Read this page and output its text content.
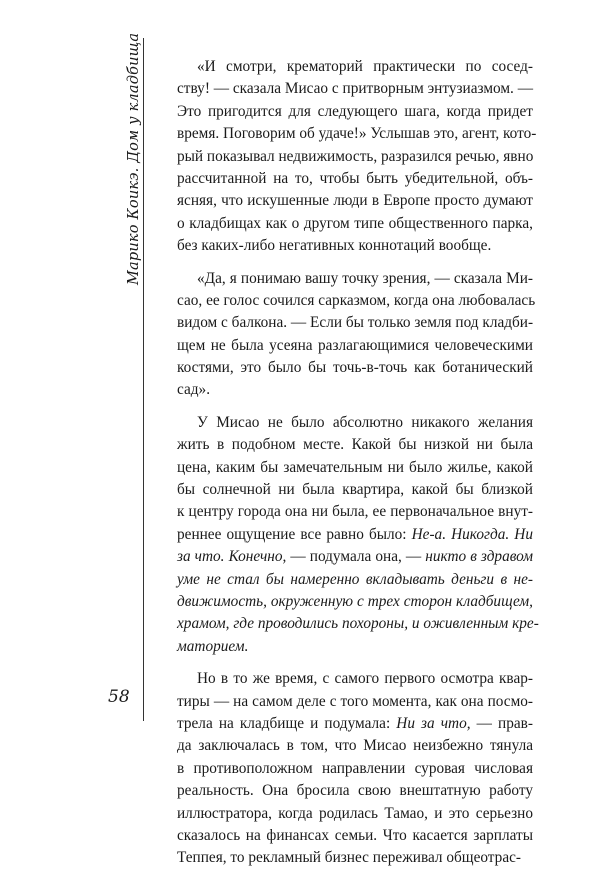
Марико Коикэ. Дом у кладбища
58
«И смотри, крематорий практически по сосед-
ству! — сказала Мисао с притворным энтузиазмом. —
Это пригодится для следующего шага, когда придет
время. Поговорим об удаче!» Услышав это, агент, кото-
рый показывал недвижимость, разразился речью, явно
рассчитанной на то, чтобы быть убедительной, объ-
ясняя, что искушенные люди в Европе просто думают
о кладбищах как о другом типе общественного парка,
без каких-либо негативных коннотаций вообще.
«Да, я понимаю вашу точку зрения, — сказала Ми-
сао, ее голос сочился сарказмом, когда она любовалась
видом с балкона. — Если бы только земля под кладби-
щем не была усеяна разлагающимися человеческими
костями, это было бы точь-в-точь как ботанический
сад».
У Мисао не было абсолютно никакого желания
жить в подобном месте. Какой бы низкой ни была
цена, каким бы замечательным ни было жилье, какой
бы солнечной ни была квартира, какой бы близкой
к центру города она ни была, ее первоначальное внут-
реннее ощущение все равно было: Не-а. Никогда. Ни
за что. Конечно, — подумала она, — никто в здравом
уме не стал бы намеренно вкладывать деньги в не-
движимость, окруженную с трех сторон кладбищем,
храмом, где проводились похороны, и оживленным кре-
маторием.
Но в то же время, с самого первого осмотра квар-
тиры — на самом деле с того момента, как она посмо-
трела на кладбище и подумала: Ни за что, — прав-
да заключалась в том, что Мисао неизбежно тянула
в противоположном направлении суровая числовая
реальность. Она бросила свою внештатную работу
иллюстратора, когда родилась Тамао, и это серьезно
сказалось на финансах семьи. Что касается зарплаты
Теппея, то рекламный бизнес переживал общеотрас-
